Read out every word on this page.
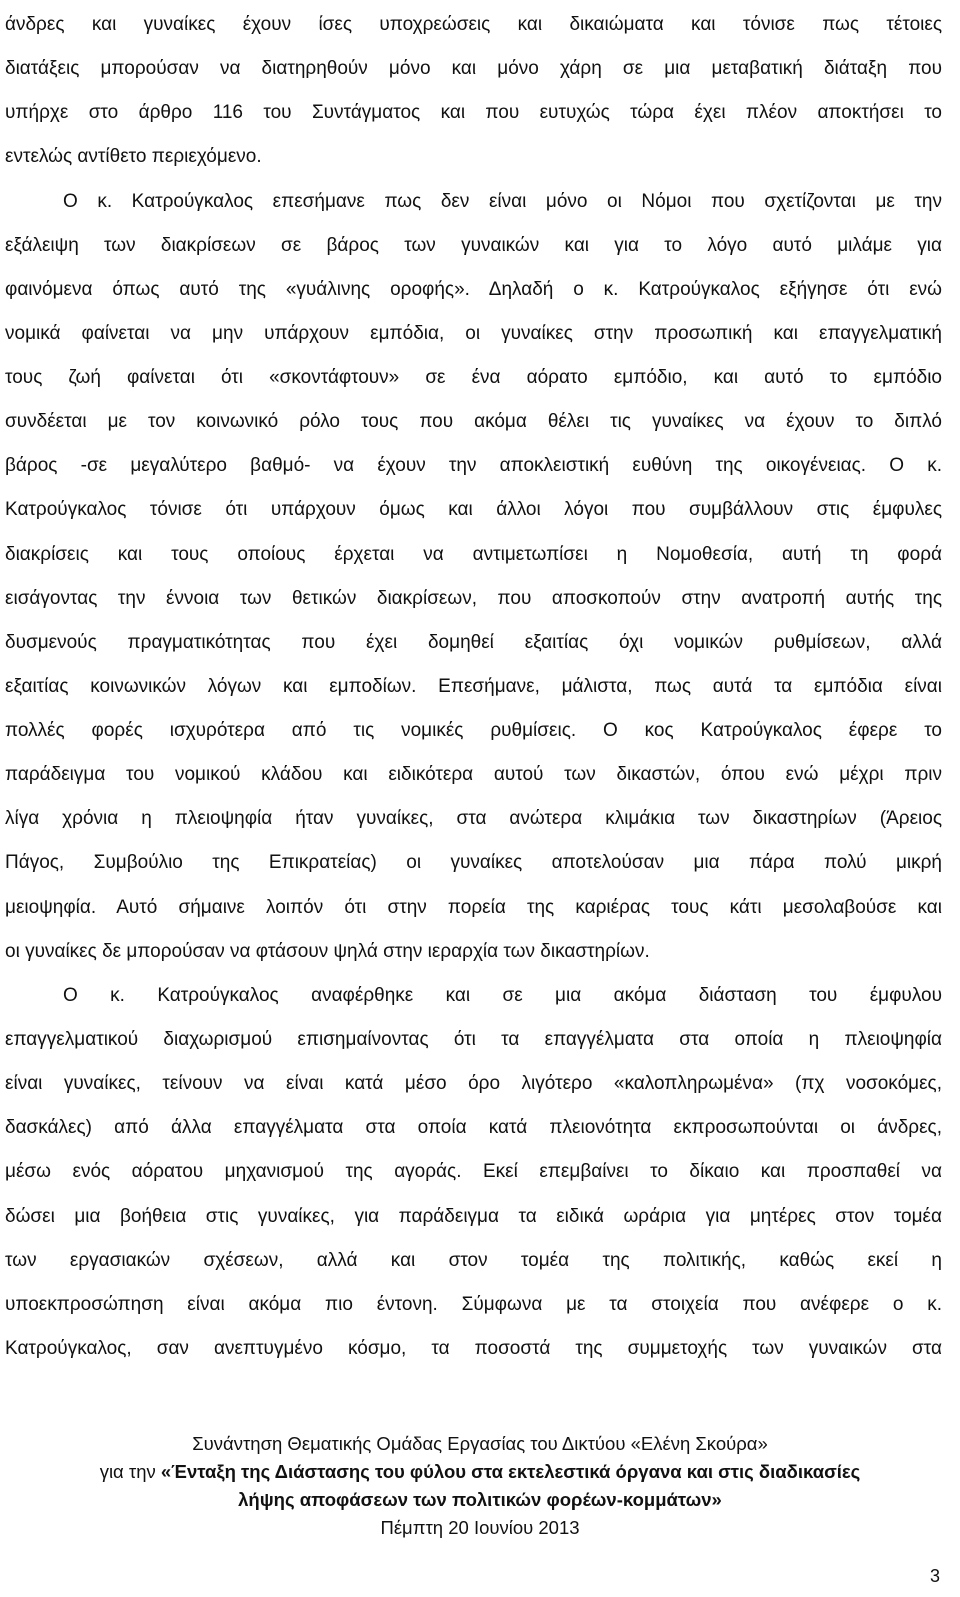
άνδρες και γυναίκες έχουν ίσες υποχρεώσεις και δικαιώματα και τόνισε πως τέτοιες
διατάξεις μπορούσαν να διατηρηθούν μόνο και μόνο χάρη σε μια μεταβατική διάταξη που
υπήρχε στο άρθρο 116 του Συντάγματος και που ευτυχώς τώρα έχει πλέον αποκτήσει το
εντελώς αντίθετο περιεχόμενο.
Ο κ. Κατρούγκαλος επεσήμανε πως δεν είναι μόνο οι Νόμοι που σχετίζονται με την
εξάλειψη των διακρίσεων σε βάρος των γυναικών και για το λόγο αυτό μιλάμε για
φαινόμενα όπως αυτό της «γυάλινης οροφής». Δηλαδή ο κ. Κατρούγκαλος εξήγησε ότι ενώ
νομικά φαίνεται να μην υπάρχουν εμπόδια, οι γυναίκες στην προσωπική και επαγγελματική
τους ζωή φαίνεται ότι «σκοντάφτουν» σε ένα αόρατο εμπόδιο, και αυτό το εμπόδιο
συνδέεται με τον κοινωνικό ρόλο τους που ακόμα θέλει τις γυναίκες να έχουν το διπλό
βάρος -σε μεγαλύτερο βαθμό- να έχουν την αποκλειστική ευθύνη της οικογένειας. Ο κ.
Κατρούγκαλος τόνισε ότι υπάρχουν όμως και άλλοι λόγοι που συμβάλλουν στις έμφυλες
διακρίσεις και τους οποίους έρχεται να αντιμετωπίσει η Νομοθεσία, αυτή τη φορά
εισάγοντας την έννοια των θετικών διακρίσεων, που αποσκοπούν στην ανατροπή αυτής της
δυσμενούς πραγματικότητας που έχει δομηθεί εξαιτίας όχι νομικών ρυθμίσεων, αλλά
εξαιτίας κοινωνικών λόγων και εμποδίων. Επεσήμανε, μάλιστα, πως αυτά τα εμπόδια είναι
πολλές φορές ισχυρότερα από τις νομικές ρυθμίσεις. Ο κος Κατρούγκαλος έφερε το
παράδειγμα του νομικού κλάδου και ειδικότερα αυτού των δικαστών, όπου ενώ μέχρι πριν
λίγα χρόνια η πλειοψηφία ήταν γυναίκες, στα ανώτερα κλιμάκια των δικαστηρίων (Άρειος
Πάγος, Συμβούλιο της Επικρατείας) οι γυναίκες αποτελούσαν μια πάρα πολύ μικρή
μειοψηφία. Αυτό σήμαινε λοιπόν ότι στην πορεία της καριέρας τους κάτι μεσολαβούσε και
οι γυναίκες δε μπορούσαν να φτάσουν ψηλά στην ιεραρχία των δικαστηρίων.
Ο κ. Κατρούγκαλος αναφέρθηκε και σε μια ακόμα διάσταση του έμφυλου
επαγγελματικού διαχωρισμού επισημαίνοντας ότι τα επαγγέλματα στα οποία η πλειοψηφία
είναι γυναίκες, τείνουν να είναι κατά μέσο όρο λιγότερο «καλοπληρωμένα» (πχ νοσοκόμες,
δασκάλες) από άλλα επαγγέλματα στα οποία κατά πλειονότητα εκπροσωπούνται οι άνδρες,
μέσω ενός αόρατου μηχανισμού της αγοράς. Εκεί επεμβαίνει το δίκαιο και προσπαθεί να
δώσει μια βοήθεια στις γυναίκες, για παράδειγμα τα ειδικά ωράρια για μητέρες στον τομέα
των εργασιακών σχέσεων, αλλά και στον τομέα της πολιτικής, καθώς εκεί η
υποεκπροσώπηση είναι ακόμα πιο έντονη. Σύμφωνα με τα στοιχεία που ανέφερε ο κ.
Κατρούγκαλος, σαν ανεπτυγμένο κόσμο, τα ποσοστά της συμμετοχής των γυναικών στα
Συνάντηση Θεματικής Ομάδας Εργασίας του Δικτύου «Ελένη Σκούρα»
για την «Ένταξη της Διάστασης του φύλου στα εκτελεστικά όργανα και στις διαδικασίες
λήψης αποφάσεων των πολιτικών φορέων-κομμάτων»
Πέμπτη 20 Ιουνίου 2013
3
